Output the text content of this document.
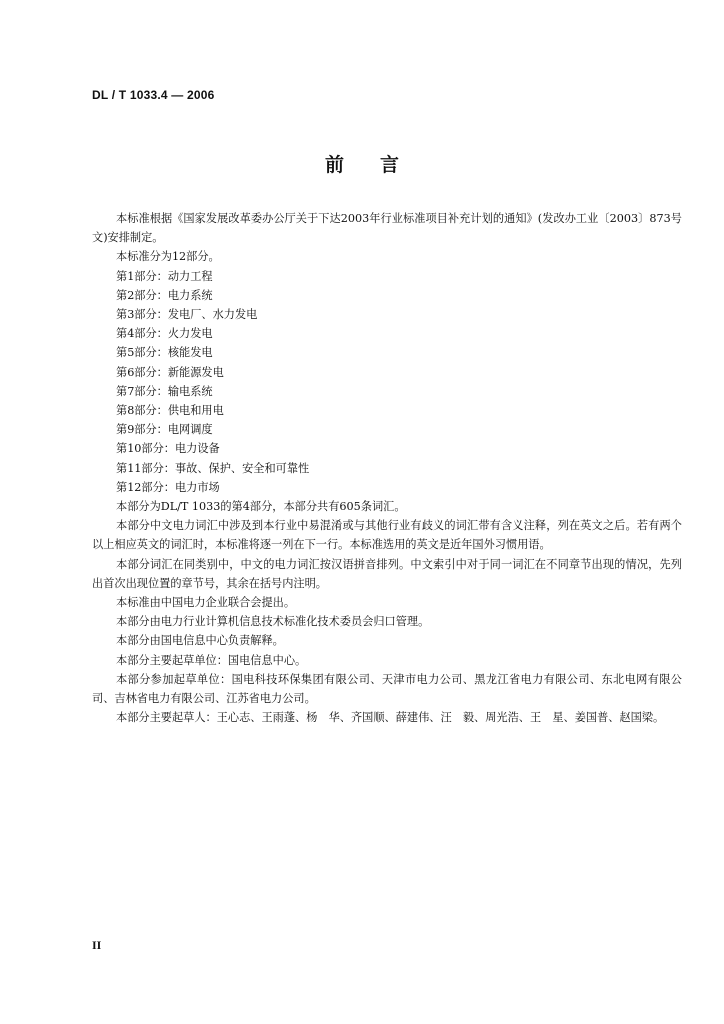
DL / T 1033.4 — 2006
前言
本标准根据《国家发展改革委办公厅关于下达2003年行业标准项目补充计划的通知》(发改办工业〔2003〕873号文)安排制定。
本标准分为12部分。
第1部分：动力工程
第2部分：电力系统
第3部分：发电厂、水力发电
第4部分：火力发电
第5部分：核能发电
第6部分：新能源发电
第7部分：输电系统
第8部分：供电和用电
第9部分：电网调度
第10部分：电力设备
第11部分：事故、保护、安全和可靠性
第12部分：电力市场
本部分为DL/T 1033的第4部分，本部分共有605条词汇。
本部分中文电力词汇中涉及到本行业中易混淆或与其他行业有歧义的词汇带有含义注释，列在英文之后。若有两个以上相应英文的词汇时，本标准将逐一列在下一行。本标准选用的英文是近年国外习惯用语。
本部分词汇在同类别中，中文的电力词汇按汉语拼音排列。中文索引中对于同一词汇在不同章节出现的情况，先列出首次出现位置的章节号，其余在括号内注明。
本标准由中国电力企业联合会提出。
本部分由电力行业计算机信息技术标准化技术委员会归口管理。
本部分由国电信息中心负责解释。
本部分主要起草单位：国电信息中心。
本部分参加起草单位：国电科技环保集团有限公司、天津市电力公司、黑龙江省电力有限公司、东北电网有限公司、吉林省电力有限公司、江苏省电力公司。
本部分主要起草人：王心志、王雨蓬、杨　华、齐国顺、薛建伟、汪　毅、周光浩、王　星、姜国普、赵国梁。
II
